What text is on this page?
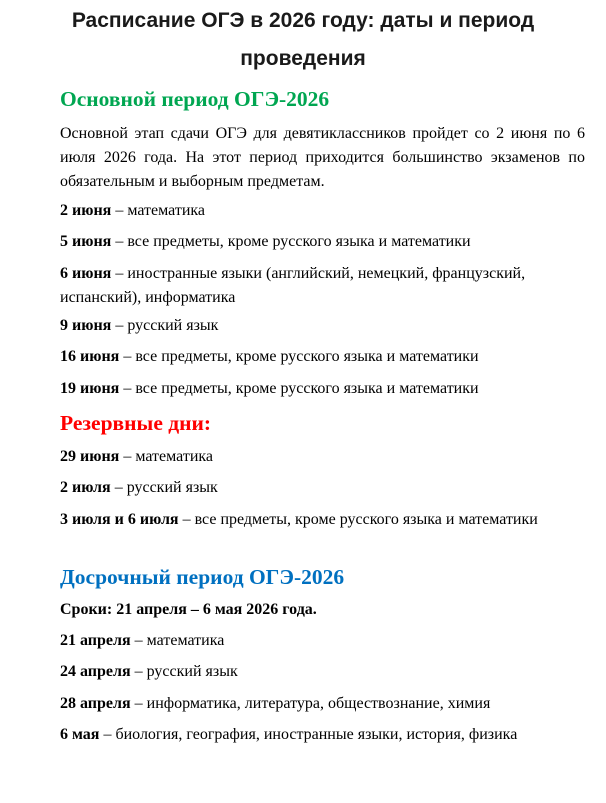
Расписание ОГЭ в 2026 году: даты и период проведения
Основной период ОГЭ-2026
Основной этап сдачи ОГЭ для девятиклассников пройдет со 2 июня по 6 июля 2026 года. На этот период приходится большинство экзаменов по обязательным и выборным предметам.
2 июня – математика
5 июня – все предметы, кроме русского языка и математики
6 июня – иностранные языки (английский, немецкий, французский, испанский), информатика
9 июня – русский язык
16 июня – все предметы, кроме русского языка и математики
19 июня – все предметы, кроме русского языка и математики
Резервные дни:
29 июня – математика
2 июля – русский язык
3 июля и 6 июля – все предметы, кроме русского языка и математики
Досрочный период ОГЭ-2026
Сроки: 21 апреля – 6 мая 2026 года.
21 апреля – математика
24 апреля – русский язык
28 апреля – информатика, литература, обществознание, химия
6 мая – биология, география, иностранные языки, история, физика
